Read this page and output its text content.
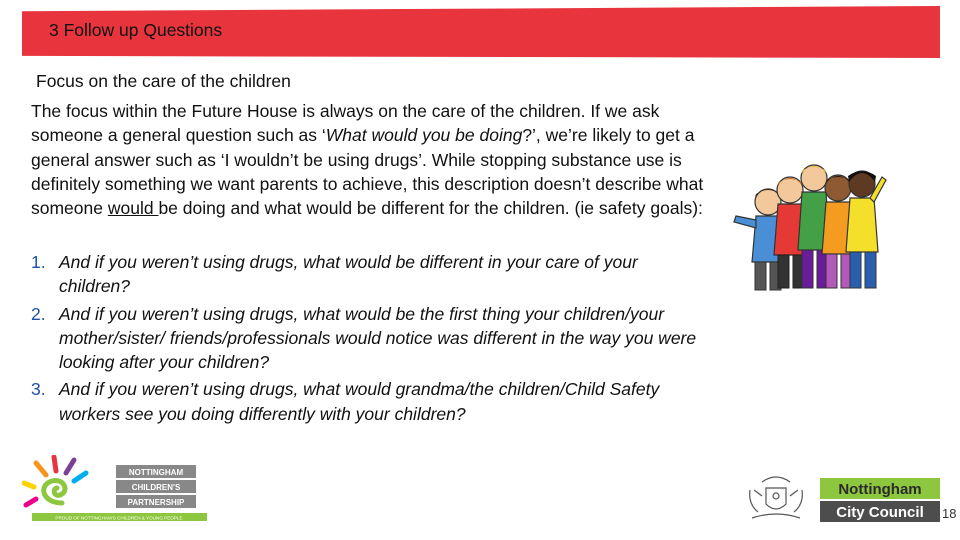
3 Follow up Questions
Focus on the care of the children

The focus within the Future House is always on the care of the children. If we ask someone a general question such as ‘What would you be doing?’, we’re likely to get a general answer such as ‘I wouldn’t be using drugs’. While stopping substance use is definitely something we want parents to achieve, this description doesn’t describe what someone would be doing and what would be different for the children. (ie safety goals):

1. And if you weren’t using drugs, what would be different in your care of your children?
2. And if you weren’t using drugs, what would be the first thing your children/your mother/sister/ friends/professionals would notice was different in the way you were looking after your children?
3. And if you weren’t using drugs, what would grandma/the children/Child Safety workers see you doing differently with your children?
NOTTINGHAM
CHILDREN'S
PARTNERSHIP
PROUD OF NOTTINGHAM'S CHILDREN & YOUNG PEOPLE
Nottingham
City Council 18
